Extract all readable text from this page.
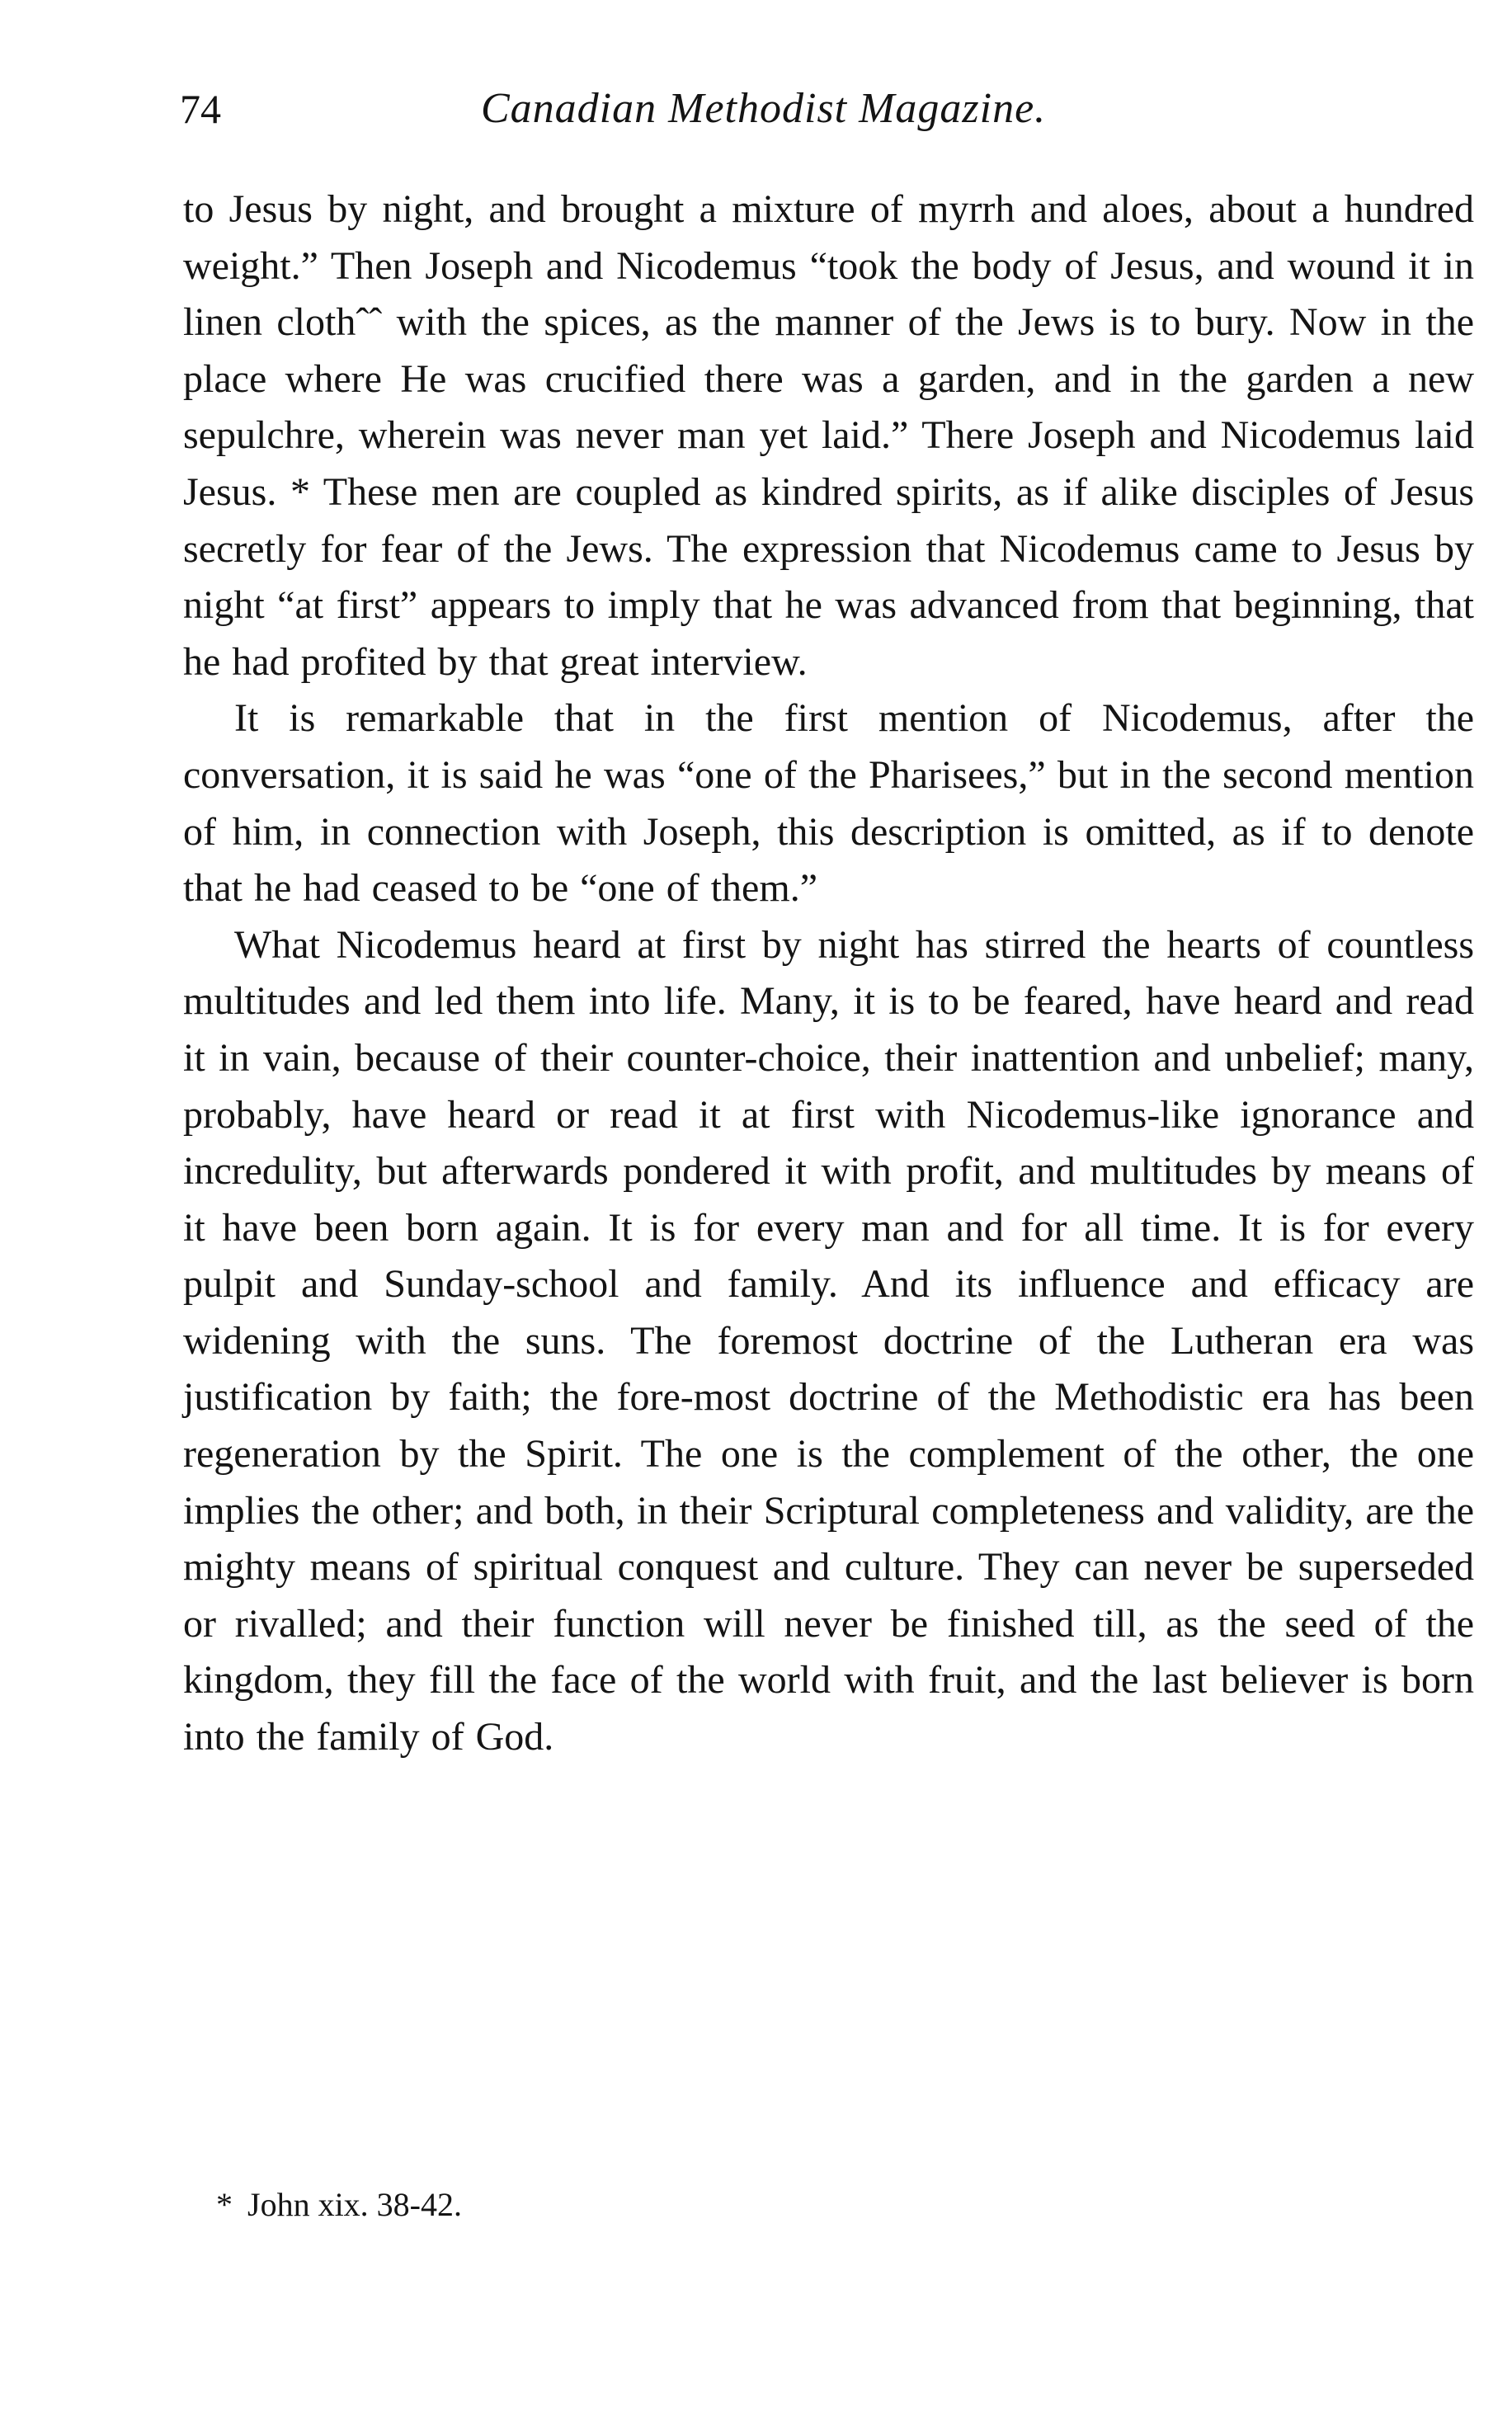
74	Canadian Methodist Magazine.

to Jesus by night, and brought a mixture of myrrh and aloes, about a hundred weight.” Then Joseph and Nicodemus “took the body of Jesus, and wound it in linen clothˆˆ with the spices, as the manner of the Jews is to bury. Now in the place where He was crucified there was a garden, and in the garden a new sepulchre, wherein was never man yet laid.” There Joseph and Nicodemus laid Jesus. * These men are coupled as kindred spirits, as if alike disciples of Jesus secretly for fear of the Jews. The expression that Nicodemus came to Jesus by night “at first” appears to imply that he was advanced from that beginning, that he had profited by that great interview.

It is remarkable that in the first mention of Nicodemus, after the conversation, it is said he was “one of the Pharisees,” but in the second mention of him, in connection with Joseph, this description is omitted, as if to denote that he had ceased to be “one of them.”

What Nicodemus heard at first by night has stirred the hearts of countless multitudes and led them into life. Many, it is to be feared, have heard and read it in vain, because of their counter-choice, their inattention and unbelief; many, probably, have heard or read it at first with Nicodemus-like ignorance and incredulity, but afterwards pondered it with profit, and multitudes by means of it have been born again. It is for every man and for all time. It is for every pulpit and Sunday-school and family. And its influence and efficacy are widening with the suns. The foremost doctrine of the Lutheran era was justification by faith; the fore-most doctrine of the Methodistic era has been regeneration by the Spirit. The one is the complement of the other, the one implies the other; and both, in their Scriptural completeness and validity, are the mighty means of spiritual conquest and culture. They can never be superseded or rivalled; and their function will never be finished till, as the seed of the kingdom, they fill the face of the world with fruit, and the last believer is born into the family of God.

* John xix. 38-42.
